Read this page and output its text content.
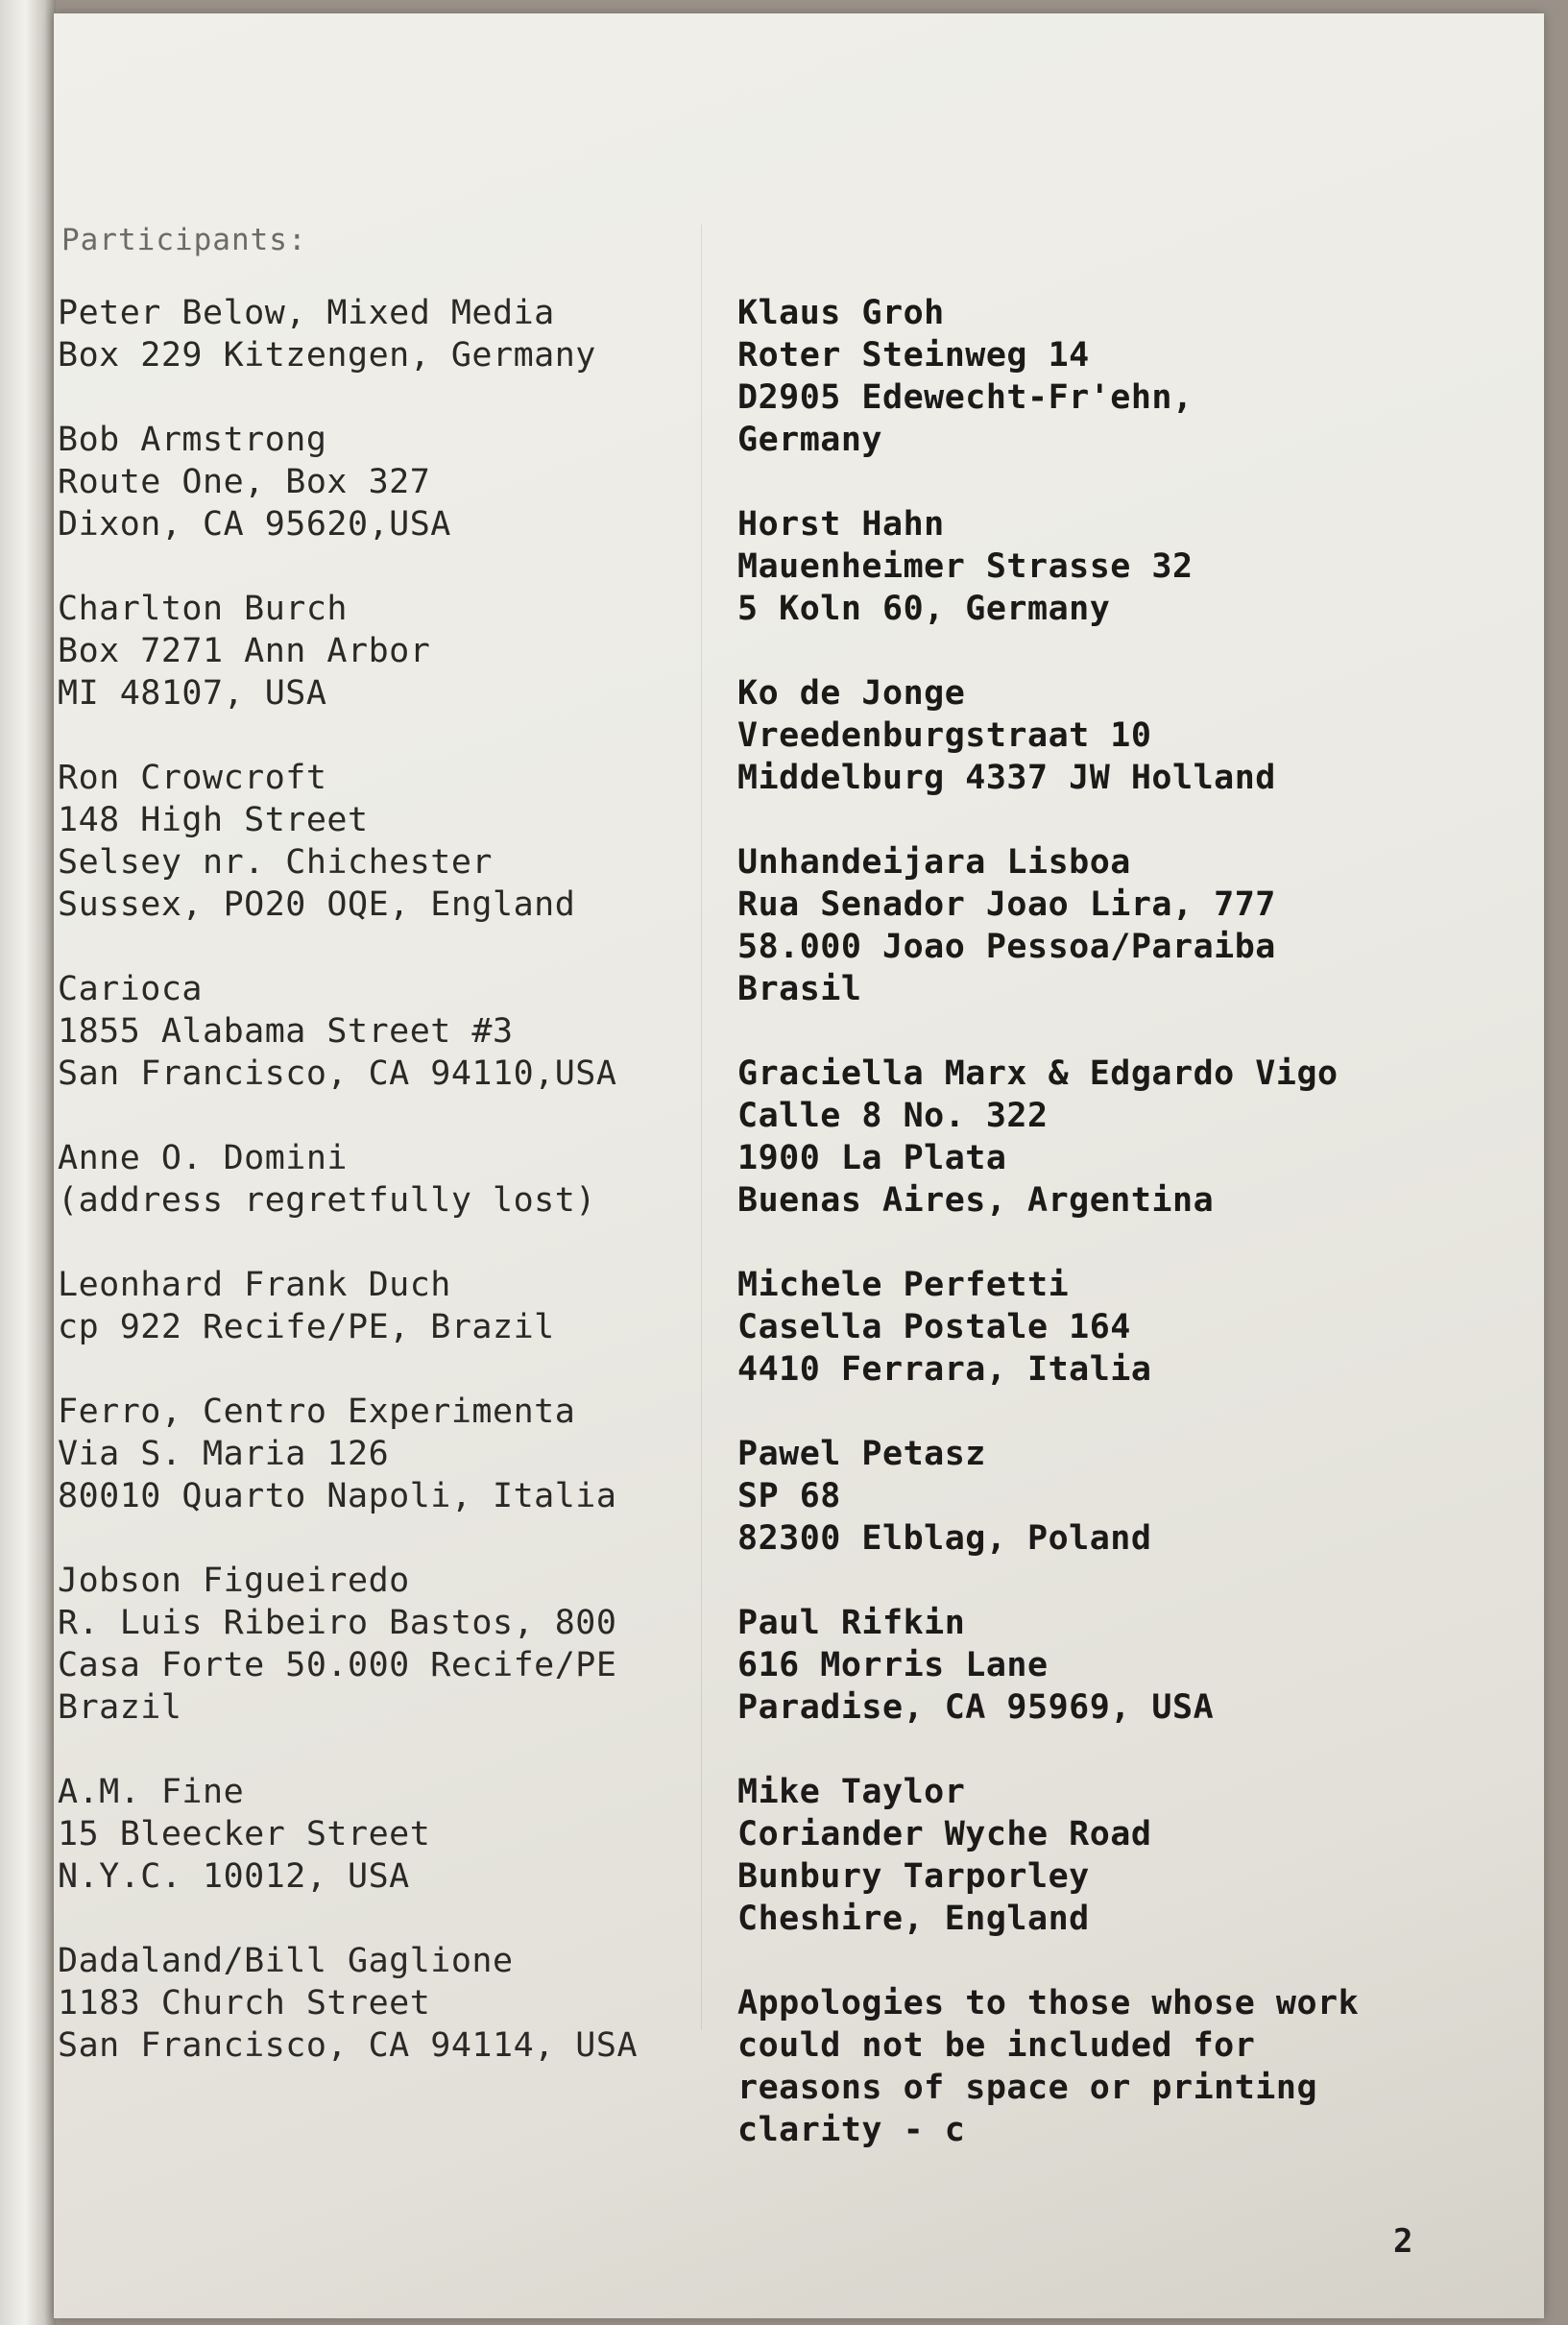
Participants:
Peter Below, Mixed Media
Box 229 Kitzengen, Germany
Bob Armstrong
Route One, Box 327
Dixon, CA 95620,USA
Charlton Burch
Box 7271 Ann Arbor
MI 48107, USA
Ron Crowcroft
148 High Street
Selsey nr. Chichester
Sussex, PO20 OQE, England
Carioca
1855 Alabama Street #3
San Francisco, CA 94110,USA
Anne O. Domini
(address regretfully lost)
Leonhard Frank Duch
cp 922 Recife/PE, Brazil
Ferro, Centro Experimenta
Via S. Maria 126
80010 Quarto Napoli, Italia
Jobson Figueiredo
R. Luis Ribeiro Bastos, 800
Casa Forte 50.000 Recife/PE
Brazil
A.M. Fine
15 Bleecker Street
N.Y.C. 10012, USA
Dadaland/Bill Gaglione
1183 Church Street
San Francisco, CA 94114, USA
Klaus Groh
Roter Steinweg 14
D2905 Edewecht-Fr'ehn,
Germany
Horst Hahn
Mauenheimer Strasse 32
5 Koln 60, Germany
Ko de Jonge
Vreedenburgstraat 10
Middelburg 4337 JW Holland
Unhandeijara Lisboa
Rua Senador Joao Lira, 777
58.000 Joao Pessoa/Paraiba
Brasil
Graciella Marx & Edgardo Vigo
Calle 8 No. 322
1900 La Plata
Buenas Aires, Argentina
Michele Perfetti
Casella Postale 164
4410 Ferrara, Italia
Pawel Petasz
SP 68
82300 Elblag, Poland
Paul Rifkin
616 Morris Lane
Paradise, CA 95969, USA
Mike Taylor
Coriander Wyche Road
Bunbury Tarporley
Cheshire, England
Appologies to those whose work
could not be included for
reasons of space or printing
clarity - c
2
